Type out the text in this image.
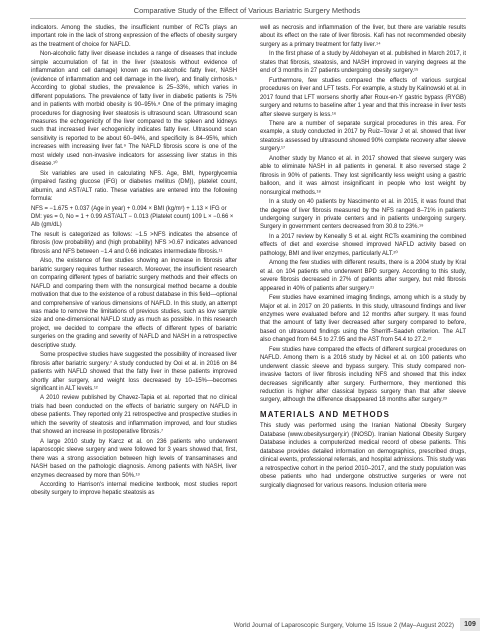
Comparative Study of the Effect of Various Bariatric Surgery Methods

indicators. Among the studies, the insufficient number of RCTs plays an important role in the lack of strong expression of the effects of obesity surgery as the treatment of choice for NAFLD.

Non-alcoholic fatty liver disease includes a range of diseases that include simple accumulation of fat in the liver (steatosis without evidence of inflammation and cell damage) known as non-alcoholic fatty liver, NASH (evidence of inflammation and cell damage in the liver), and finally cirrhosis.⁵ According to global studies, the prevalence is 25–33%, which varies in different populations. The prevalence of fatty liver in diabetic patients is 75% and in patients with morbid obesity is 90–95%.⁸ One of the primary imaging procedures for diagnosing liver steatosis is ultrasound scan. Ultrasound scan measures the echogenicity of the liver compared to the spleen and kidneys such that increased liver echogenicity indicates fatty liver. Ultrasound scan sensitivity is reported to be about 60–94%, and specificity is 84–95%, which increases with increasing liver fat.⁹ The NAFLD fibrosis score is one of the most widely used non-invasive indicators for assessing liver status in this disease.¹⁰

Six variables are used in calculating NFS. Age, BMI, hyperglycemia (impaired fasting glucose (IFG) or diabetes mellitus (DM)), platelet count, albumin, and AST/ALT ratio. These variables are entered into the following formula:

NFS = −1.675 + 0.037 (Age in year) + 0.094 × BMI (kg/m²) + 1.13 × IFG or DM: yes = 0, No = 1 + 0.99 AST/ALT − 0.013 (Platelet count) 109 L × −0.66 × Alb (gm/dL)

The result is categorized as follows: −1.5 >NFS indicates the absence of fibrosis (low probability) and (high probability) NFS >0.67 indicates advanced fibrosis and NFS between −1.4 and 0.66 indicates intermediate fibrosis.¹¹

Also, the existence of few studies showing an increase in fibrosis after bariatric surgery requires further research. Moreover, the insufficient research on comparing different types of bariatric surgery methods and their effects on NAFLD and comparing them with the nonsurgical method became a double motivation that due to the existence of a robust database in this field—optional and comprehensive of various dimensions of NAFLD. In this study, an attempt was made to remove the limitations of previous studies, such as low sample size and one-dimensional NAFLD study as much as possible. In this research project, we decided to compare the effects of different types of bariatric surgeries on the grading and severity of NAFLD and NASH in a retrospective descriptive study.

Some prospective studies have suggested the possibility of increased liver fibrosis after bariatric surgery.⁷ A study conducted by Ooi et al. in 2016 on 84 patients with NAFLD showed that the fatty liver in these patients improved shortly after surgery, and weight loss decreased by 10–15%—becomes significant in ALT levels.¹²

A 2010 review published by Chavez-Tapia et al. reported that no clinical trials had been conducted on the effects of bariatric surgery on NAFLD in obese patients. They reported only 21 retrospective and prospective studies in which the severity of steatosis and inflammation improved, and four studies that showed an increase in postoperative fibrosis.⁷

A large 2010 study by Karcz et al. on 236 patients who underwent laparoscopic sleeve surgery and were followed for 3 years showed that, first, there was a strong association between high levels of transaminases and NASH based on the pathologic diagnosis. Among patients with NASH, liver enzymes decreased by more than 50%.¹³

According to Harrison's internal medicine textbook, most studies report obesity surgery to improve hepatic steatosis as

well as necrosis and inflammation of the liver, but there are variable results about its effect on the rate of liver fibrosis. Kafi has not recommended obesity surgery as a primary treatment for fatty liver.¹⁴

In the first phase of a study by Aldoheyan et al. published in March 2017, it states that fibrosis, steatosis, and NASH improved in varying degrees at the end of 3 months in 27 patients undergoing obesity surgery.¹⁵

Furthermore, few studies compared the effects of various surgical procedures on liver and LFT tests. For example, a study by Kalinowski et al. in 2017 found that LFT worsens shortly after Roux-en-Y gastric bypass (RYGB) surgery and returns to baseline after 1 year and that this increase in liver tests after sleeve surgery is less.¹⁶

There are a number of separate surgical procedures in this area. For example, a study conducted in 2017 by Ruiz–Tovar J et al. showed that liver steatosis assessed by ultrasound showed 90% complete recovery after sleeve surgery.¹⁷

Another study by Manco et al. in 2017 showed that sleeve surgery was able to eliminate NASH in all patients in general. It also reversed stage 2 fibrosis in 90% of patients. They lost significantly less weight using a gastric balloon, and it was almost insignificant in people who lost weight by nonsurgical methods.¹⁸

In a study on 40 patients by Nascimento et al. in 2015, it was found that the degree of liver fibrosis measured by the NFS ranged 8–71% in patients undergoing surgery in private centers and in patients undergoing surgery. Surgery in government centers decreased from 30.8 to 23%.¹⁹

In a 2017 review by Keneally S et al. eight RCTs examining the combined effects of diet and exercise showed improved NAFLD activity based on pathology, BMI and liver enzymes, particularly ALT.²⁰

Among the few studies with different results, there is a 2004 study by Kral et al. on 104 patients who underwent BPD surgery. According to this study, severe fibrosis decreased in 27% of patients after surgery, but mild fibrosis appeared in 40% of patients after surgery.²¹

Few studies have examined imaging findings, among which is a study by Major et al. in 2017 on 20 patients. In this study, ultrasound findings and liver enzymes were evaluated before and 12 months after surgery. It was found that the amount of fatty liver decreased after surgery compared to before, based on ultrasound findings using the Sherriff–Saadeh criterion. The ALT also changed from 64.5 to 27.95 and the AST from 54.4 to 27.2.²²

Few studies have compared the effects of different surgical procedures on NAFLD. Among them is a 2016 study by Nickel et al. on 100 patients who underwent classic sleeve and bypass surgery. This study compared non-invasive factors of liver fibrosis including NFS and showed that this index decreases significantly after surgery. Furthermore, they mentioned this reduction is higher after classical bypass surgery than that after sleeve surgery, although the difference disappeared 18 months after surgery.²³

MATERIALS AND METHODS

This study was performed using the Iranian National Obesity Surgery Database (www.obesitysurgery.ir) (INOSD). Iranian National Obesity Surgery Database includes a computerized medical record of obese patients. This database provides detailed information on demographics, prescribed drugs, clinical events, professional referrals, and hospital admissions. This study was a retrospective cohort in the period 2010–2017, and the study population was obese patients who had undergone obstructive surgeries or were not surgically diagnosed for various reasons. Inclusion criteria were

World Journal of Laparoscopic Surgery, Volume 15 Issue 2 (May–August 2022)	109
